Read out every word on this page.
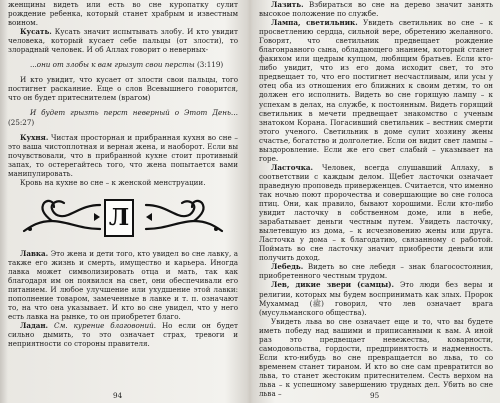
женщины видеть или есть во сне куропатку сулит рождение ребенка, который станет храбрым и известным воином.

Кусать. Кусать значит испытывать злобу. И кто увидит человека, который кусает себе пальцы (от злости), то злорадный человек. И об Аллах говорит о неверных-

...они от злобы к вам грызут свои персты (3:119)

И кто увидит, что кусает от злости свои пальцы, того постигнет раскаяние. Еще о слов Всевышнего говорится, что он будет притеснителем (врагом)

И будет грызть перст неверный о Этот День… (25:27)

Кухня. Чистая просторная и прибранная кухня во сне – это ваша чистоплотная и верная жена, и наоборот. Если вы почувствовали, что в прибранной кухне стоит противный запах, то остерегайтесь того, что жена попытается вами манипулировать.

Кровь на кухне во сне – к женской менструации.

Л

Лавка. Это жена и дети того, кто увидел во сне лавку, а также его жизнь и смерть, имущество и карьера. Иногда лавка может символизировать отца и мать, так как благодаря им он появился на свет, они обеспечивали его питанием. И любое улучшение или ухудшение этой лавки: пополнение товаром, замеченные в лавке и т. п. означают то, на что она указывает. И кто во сне увидел, что у него есть лавка на рынке, то он приобретет благо.

Ладан. См. курение благовоний. Но если он будет сильно дымить, то это означает страх, тревоги и неприятности со стороны правителя.

94

Лазить. Взбираться во сне на дерево значит занять высокое положение по службе.

Лампа, светильник. Увидеть светильник во сне – к просветлению сердца, сильной вере, обретению желанного. Говорят, что светильник предвещает рождение благонравного сына, обладающего знанием, который станет факихом или щедрым купцом, любящим братьев. Если кто-либо увидит, что из его дома исходит свет, то это предвещает то, что его постигнет несчастливым, или усы у отец оба из отношения его ближних к своим детям, то он должен его исполнить. Видеть во сне горящую лампу – к успехам в делах, на службе, к постоянным. Видеть горящий светильник в мечети предвещает знакомство с ученым знатоком Корана. Погасивший светильник – вестник смерти этого ученого. Светильник в доме сулит хозяину жены счастье, богатство и долголетие. Если он видит свет лампы – выздоровление. Если же его свет слабый – указывает на горе.

Ласточка. Человек, всегда слушавший Аллаху, в соответствии с каждым делом. Щебет ласточки означает праведную проповедь приверженцев. Считается, что именно так ночью поют пророчества и совершающие во сне голоса птиц. Они, как правило, бывают хорошими. Если кто-либо увидит ласточку в собственном доме, или в небе, зарабатывает деньги честным путем. Увидеть ласточку, вылетевшую из дома, – к исчезновению жены или друга. Ласточка у дома – к благодатию, связанному с работой. Поймать во сне ласточку значит приобрести деньги или получить доход.

Лебедь. Видеть во сне лебедя – знак благосостояния, приобретенного честным трудом.

Лев, дикие звери (самцы). Это люди без веры и религии, которых мы будем воспринимать как злых. Пророк Мухаммад (ﷺ) говорил, что лев означает врага (мусульманского общества).

Увидеть льва во сне означает еще и то, что вы будете иметь победу над вашими и приписанными к вам. А иной раз это предвещает невежества, коварности, самодовольства, гордости, предпринятость и надменность. Если кто-нибудь во сне превращается во льва, то со временем станет тираном. И кто во сне сам превратится во льва, то станет жестоким притеснителем. Сесть верхом на льва – к успешному завершению трудных дел. Убить во сне льва –	95
